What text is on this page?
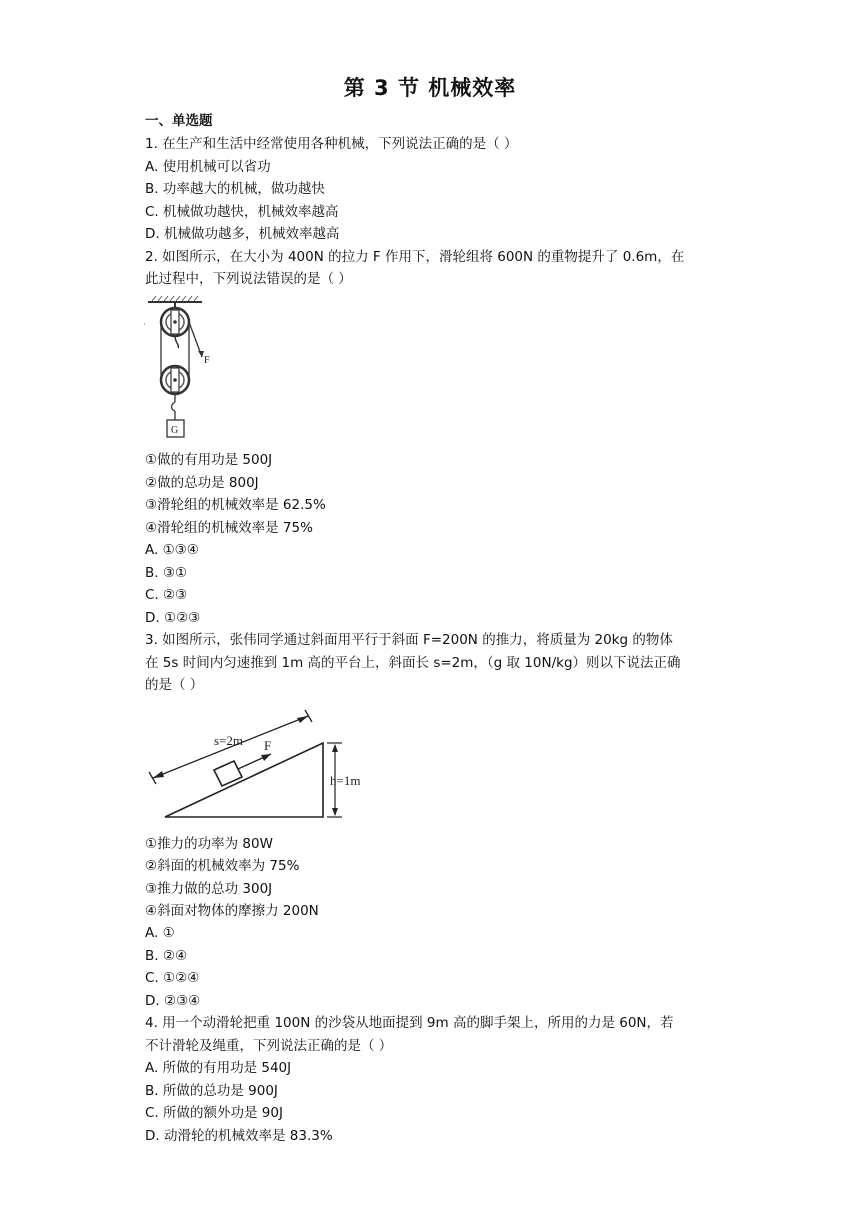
第 3 节 机械效率
一、单选题
1. 在生产和生活中经常使用各种机械，下列说法正确的是（ ）
A. 使用机械可以省功
B. 功率越大的机械，做功越快
C. 机械做功越快，机械效率越高
D. 机械做功越多，机械效率越高
2. 如图所示，在大小为 400N 的拉力 F 作用下，滑轮组将 600N 的重物提升了 0.6m，在
此过程中，下列说法错误的是（ ）
F
·
G
①做的有用功是 500J
②做的总功是 800J
③滑轮组的机械效率是 62.5%
④滑轮组的机械效率是 75%
A. ①③④
B. ③①
C. ②③
D. ①②③
3. 如图所示，张伟同学通过斜面用平行于斜面 F=200N 的推力，将质量为 20kg 的物体
在 5s 时间内匀速推到 1m 高的平台上，斜面长 s=2m，（g 取 10N/kg）则以下说法正确
的是（ ）
s=2m F
h=1m
①推力的功率为 80W
②斜面的机械效率为 75%
③推力做的总功 300J
④斜面对物体的摩擦力 200N
A. ①
B. ②④
C. ①②④
D. ②③④
4. 用一个动滑轮把重 100N 的沙袋从地面提到 9m 高的脚手架上，所用的力是 60N，若
不计滑轮及绳重，下列说法正确的是（ ）
A. 所做的有用功是 540J
B. 所做的总功是 900J
C. 所做的额外功是 90J
D. 动滑轮的机械效率是 83.3%
